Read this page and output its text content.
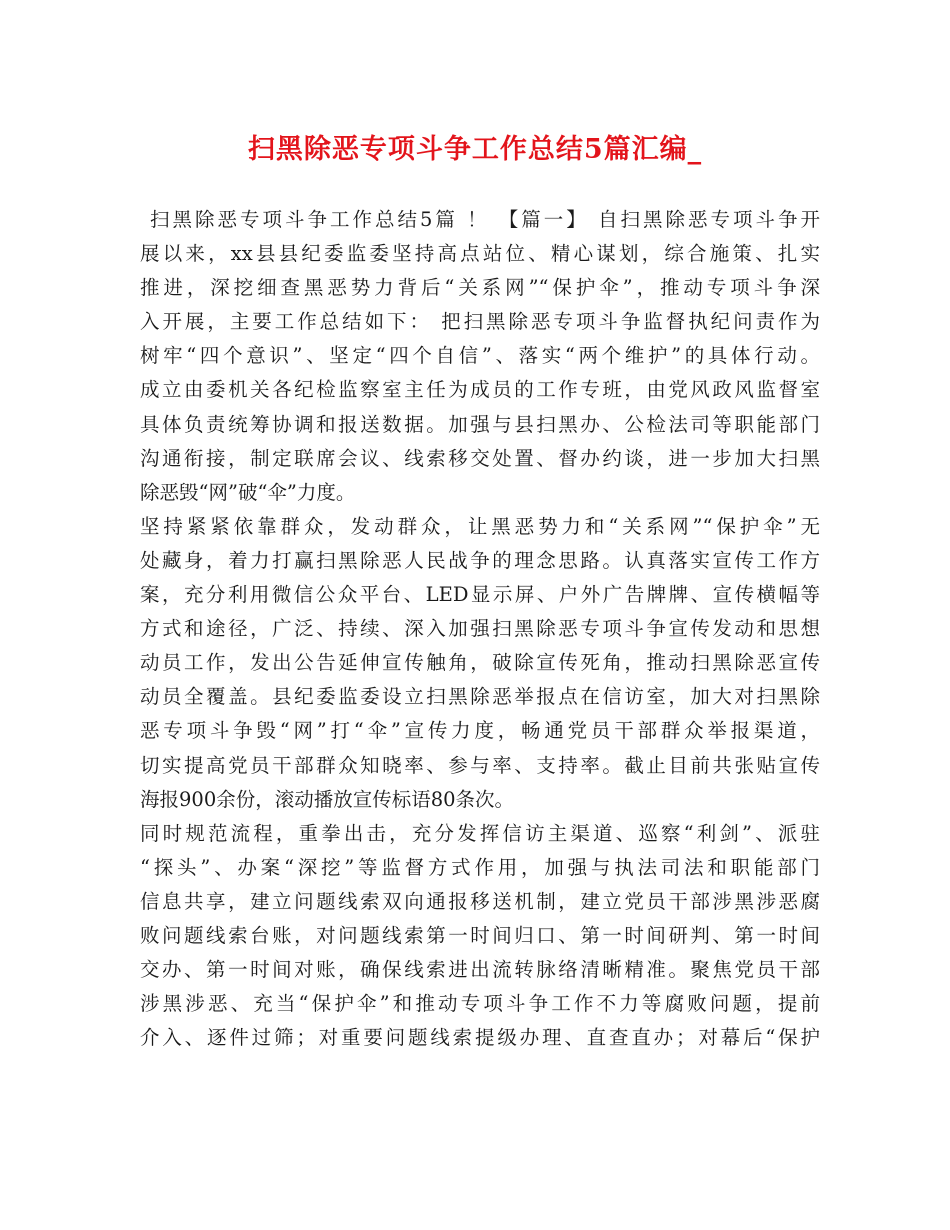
扫黑除恶专项斗争工作总结5篇汇编_
扫黑除恶专项斗争工作总结5篇 ！ 【篇一】 自扫黑除恶专项斗争开
展以来，xx县县纪委监委坚持高点站位、精心谋划，综合施策、扎实
推进，深挖细查黑恶势力背后“关系网”“保护伞”，推动专项斗争深
入开展，主要工作总结如下： 把扫黑除恶专项斗争监督执纪问责作为
树牢“四个意识”、坚定“四个自信”、落实“两个维护”的具体行动。
成立由委机关各纪检监察室主任为成员的工作专班，由党风政风监督室
具体负责统筹协调和报送数据。加强与县扫黑办、公检法司等职能部门
沟通衔接，制定联席会议、线索移交处置、督办约谈，进一步加大扫黑
除恶毁“网”破“伞”力度。
坚持紧紧依靠群众，发动群众，让黑恶势力和“关系网”“保护伞”无
处藏身，着力打赢扫黑除恶人民战争的理念思路。认真落实宣传工作方
案，充分利用微信公众平台、LED显示屏、户外广告牌牌、宣传横幅等
方式和途径，广泛、持续、深入加强扫黑除恶专项斗争宣传发动和思想
动员工作，发出公告延伸宣传触角，破除宣传死角，推动扫黑除恶宣传
动员全覆盖。县纪委监委设立扫黑除恶举报点在信访室，加大对扫黑除
恶专项斗争毁“网”打“伞”宣传力度，畅通党员干部群众举报渠道，
切实提高党员干部群众知晓率、参与率、支持率。截止目前共张贴宣传
海报900余份，滚动播放宣传标语80条次。
同时规范流程，重拳出击，充分发挥信访主渠道、巡察“利剑”、派驻
“探头”、办案“深挖”等监督方式作用，加强与执法司法和职能部门
信息共享，建立问题线索双向通报移送机制，建立党员干部涉黑涉恶腐
败问题线索台账，对问题线索第一时间归口、第一时间研判、第一时间
交办、第一时间对账，确保线索进出流转脉络清晰精准。聚焦党员干部
涉黑涉恶、充当“保护伞”和推动专项斗争工作不力等腐败问题，提前
介入、逐件过筛；对重要问题线索提级办理、直查直办；对幕后“保护
